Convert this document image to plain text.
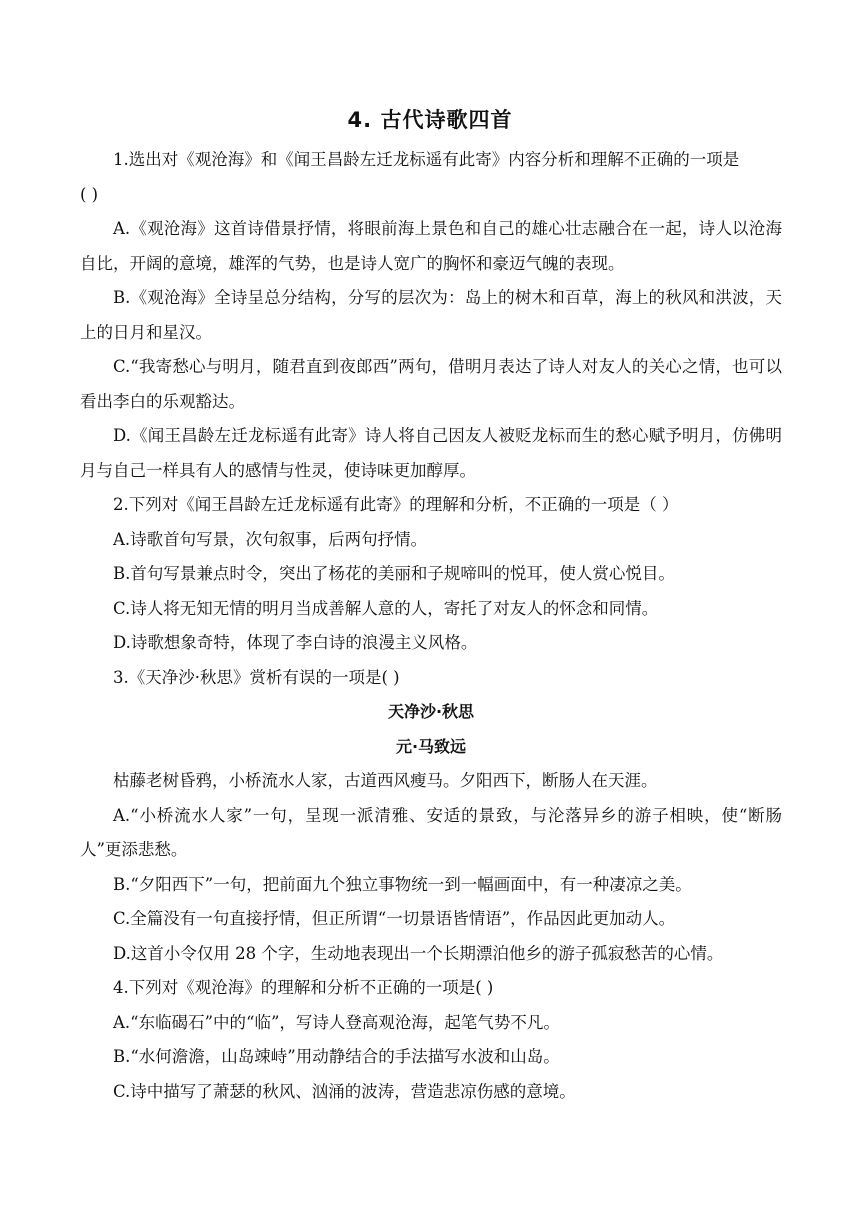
4. 古代诗歌四首

1.选出对《观沧海》和《闻王昌龄左迁龙标遥有此寄》内容分析和理解不正确的一项是

( )

A.《观沧海》这首诗借景抒情，将眼前海上景色和自己的雄心壮志融合在一起，诗人以沧海自比，开阔的意境，雄浑的气势，也是诗人宽广的胸怀和豪迈气魄的表现。

B.《观沧海》全诗呈总分结构，分写的层次为：岛上的树木和百草，海上的秋风和洪波，天上的日月和星汉。

C.“我寄愁心与明月，随君直到夜郎西”两句，借明月表达了诗人对友人的关心之情，也可以看出李白的乐观豁达。

D.《闻王昌龄左迁龙标遥有此寄》诗人将自己因友人被贬龙标而生的愁心赋予明月，仿佛明月与自己一样具有人的感情与性灵，使诗味更加醇厚。

2.下列对《闻王昌龄左迁龙标遥有此寄》的理解和分析，不正确的一项是（ ）

A.诗歌首句写景，次句叙事，后两句抒情。

B.首句写景兼点时令，突出了杨花的美丽和子规啼叫的悦耳，使人赏心悦目。

C.诗人将无知无情的明月当成善解人意的人，寄托了对友人的怀念和同情。

D.诗歌想象奇特，体现了李白诗的浪漫主义风格。

3.《天净沙·秋思》赏析有误的一项是( )

天净沙·秋思

元·马致远

枯藤老树昏鸦，小桥流水人家，古道西风瘦马。夕阳西下，断肠人在天涯。

A.“小桥流水人家”一句，呈现一派清雅、安适的景致，与沦落异乡的游子相映，使“断肠人”更添悲愁。

B.“夕阳西下”一句，把前面九个独立事物统一到一幅画面中，有一种凄凉之美。

C.全篇没有一句直接抒情，但正所谓“一切景语皆情语”，作品因此更加动人。

D.这首小令仅用 28 个字，生动地表现出一个长期漂泊他乡的游子孤寂愁苦的心情。

4.下列对《观沧海》的理解和分析不正确的一项是( )

A.“东临碣石”中的“临”，写诗人登高观沧海，起笔气势不凡。

B.“水何澹澹，山岛竦峙”用动静结合的手法描写水波和山岛。

C.诗中描写了萧瑟的秋风、汹涌的波涛，营造悲凉伤感的意境。
